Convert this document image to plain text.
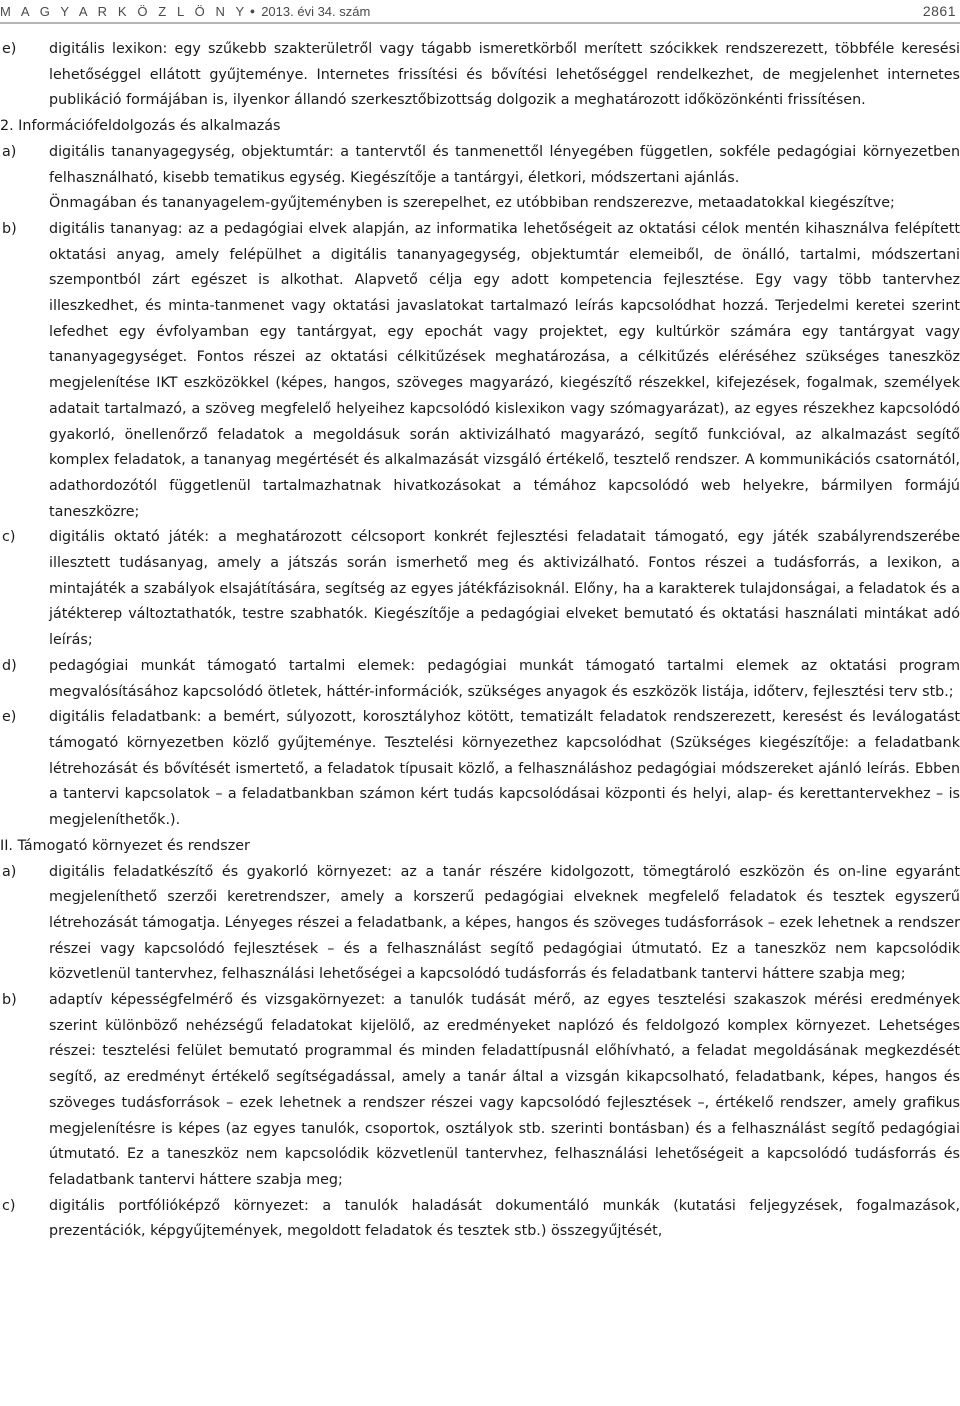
M A G Y A R K Ö Z L Ö N Y ● 2013. évi 34. szám	2861
e)	digitális lexikon: egy szűkebb szakterületről vagy tágabb ismeretkörből merített szócikkek rendszerezett, többféle keresési lehetőséggel ellátott gyűjteménye. Internetes frissítési és bővítési lehetőséggel rendelkezhet, de megjelenhet internetes publikáció formájában is, ilyenkor állandó szerkesztőbizottság dolgozik a meghatározott időközönkénti frissítésen.

2. Információfeldolgozás és alkalmazás
a)	digitális tananyagegység, objektumtár: a tantervtől és tanmenettől lényegében független, sokféle pedagógiai környezetben felhasználható, kisebb tematikus egység. Kiegészítője a tantárgyi, életkori, módszertani ajánlás.

Önmagában és tananyagelem-gyűjteményben is szerepelhet, ez utóbbiban rendszerezve, metaadatokkal kiegészítve;

b)	digitális tananyag: az a pedagógiai elvek alapján, az informatika lehetőségeit az oktatási célok mentén kihasználva felépített oktatási anyag, amely felépülhet a digitális tananyagegység, objektumtár elemeiből, de önálló, tartalmi, módszertani szempontból zárt egészet is alkothat. Alapvető célja egy adott kompetencia fejlesztése. Egy vagy több tantervhez illeszkedhet, és minta-tanmenet vagy oktatási javaslatokat tartalmazó leírás kapcsolódhat hozzá. Terjedelmi keretei szerint lefedhet egy évfolyamban egy tantárgyat, egy epochát vagy projektet, egy kultúrkör számára egy tantárgyat vagy tananyagegységet. Fontos részei az oktatási célkitűzések meghatározása, a célkitűzés eléréséhez szükséges taneszköz megjelenítése IKT eszközökkel (képes, hangos, szöveges magyarázó, kiegészítő részekkel, kifejezések, fogalmak, személyek adatait tartalmazó, a szöveg megfelelő helyeihez kapcsolódó kislexikon vagy szómagyarázat), az egyes részekhez kapcsolódó gyakorló, önellenőrző feladatok a megoldásuk során aktivizálható magyarázó, segítő funkcióval, az alkalmazást segítő komplex feladatok, a tananyag megértését és alkalmazását vizsgáló értékelő, tesztelő rendszer. A kommunikációs csatornától, adathordozótól függetlenül tartalmazhatnak hivatkozásokat a témához kapcsolódó web helyekre, bármilyen formájú taneszközre;

c)	digitális oktató játék: a meghatározott célcsoport konkrét fejlesztési feladatait támogató, egy játék szabályrendszerébe illesztett tudásanyag, amely a játszás során ismerhető meg és aktivizálható. Fontos részei a tudásforrás, a lexikon, a mintajáték a szabályok elsajátítására, segítség az egyes játékfázisoknál. Előny, ha a karakterek tulajdonságai, a feladatok és a játékterep változtathatók, testre szabhatók. Kiegészítője a pedagógiai elveket bemutató és oktatási használati mintákat adó leírás;

d)	pedagógiai munkát támogató tartalmi elemek: pedagógiai munkát támogató tartalmi elemek az oktatási program megvalósításához kapcsolódó ötletek, háttér-információk, szükséges anyagok és eszközök listája, időterv, fejlesztési terv stb.;

e)	digitális feladatbank: a bemért, súlyozott, korosztályhoz kötött, tematizált feladatok rendszerezett, keresést és leválogatást támogató környezetben közlő gyűjteménye. Tesztelési környezethez kapcsolódhat (Szükséges kiegészítője: a feladatbank létrehozását és bővítését ismertető, a feladatok típusait közlő, a felhasználáshoz pedagógiai módszereket ajánló leírás. Ebben a tantervi kapcsolatok – a feladatbankban számon kért tudás kapcsolódásai központi és helyi, alap- és kerettantervekhez – is megjeleníthetők.).

II. Támogató környezet és rendszer
a)	digitális feladatkészítő és gyakorló környezet: az a tanár részére kidolgozott, tömegtároló eszközön és on-line egyaránt megjeleníthető szerzői keretrendszer, amely a korszerű pedagógiai elveknek megfelelő feladatok és tesztek egyszerű létrehozását támogatja. Lényeges részei a feladatbank, a képes, hangos és szöveges tudásforrások – ezek lehetnek a rendszer részei vagy kapcsolódó fejlesztések – és a felhasználást segítő pedagógiai útmutató. Ez a taneszköz nem kapcsolódik közvetlenül tantervhez, felhasználási lehetőségei a kapcsolódó tudásforrás és feladatbank tantervi háttere szabja meg;

b)	adaptív képességfelmérő és vizsgakörnyezet: a tanulók tudását mérő, az egyes tesztelési szakaszok mérési eredmények szerint különböző nehézségű feladatokat kijelölő, az eredményeket naplózó és feldolgozó komplex környezet. Lehetséges részei: tesztelési felület bemutató programmal és minden feladattípusnál előhívható, a feladat megoldásának megkezdését segítő, az eredményt értékelő segítségadással, amely a tanár által a vizsgán kikapcsolható, feladatbank, képes, hangos és szöveges tudásforrások – ezek lehetnek a rendszer részei vagy kapcsolódó fejlesztések –, értékelő rendszer, amely grafikus megjelenítésre is képes (az egyes tanulók, csoportok, osztályok stb. szerinti bontásban) és a felhasználást segítő pedagógiai útmutató. Ez a taneszköz nem kapcsolódik közvetlenül tantervhez, felhasználási lehetőségeit a kapcsolódó tudásforrás és feladatbank tantervi háttere szabja meg;

c)	digitális portfólióképző környezet: a tanulók haladását dokumentáló munkák (kutatási feljegyzések, fogalmazások, prezentációk, képgyűjtemények, megoldott feladatok és tesztek stb.) összegyűjtését,
